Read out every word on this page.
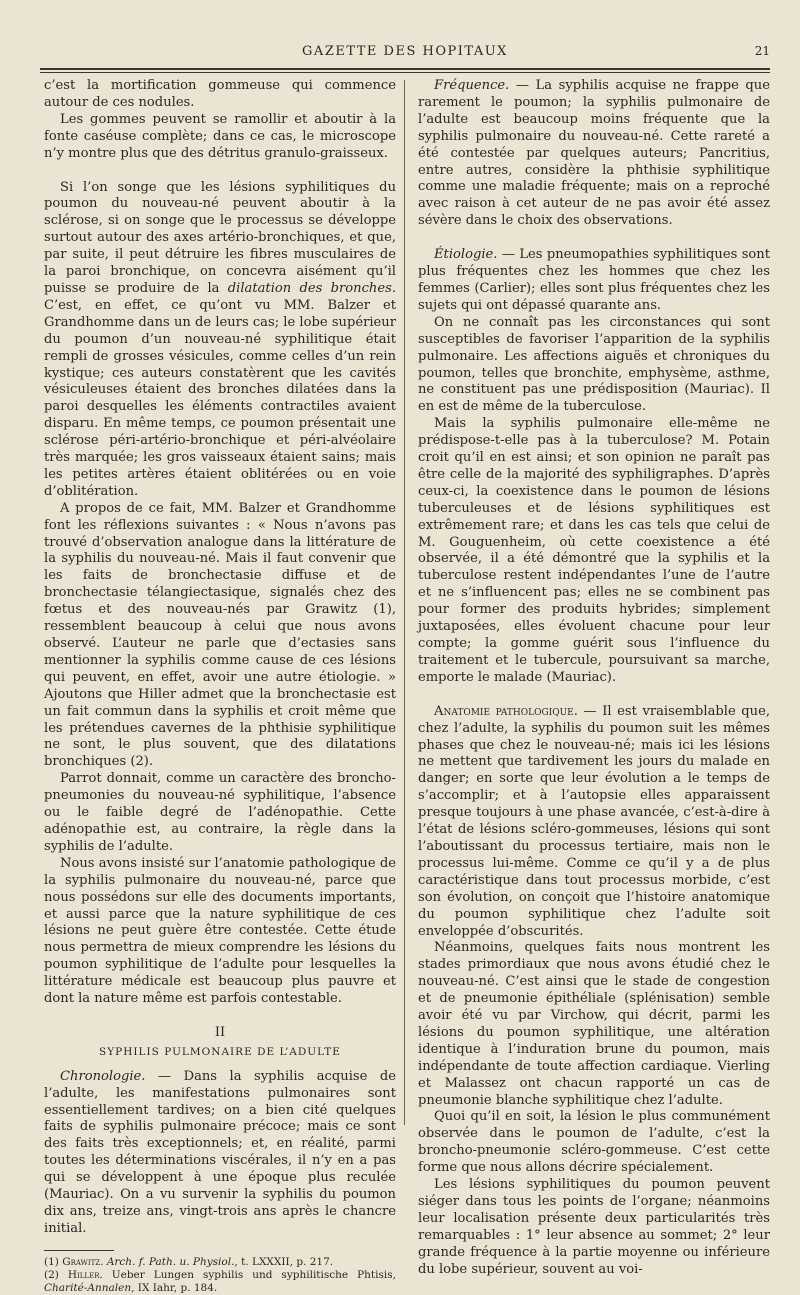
GAZETTE DES HOPITAUX	21

c’est la mortification gommeuse qui commence autour de ces nodules.

Les gommes peuvent se ramollir et aboutir à la fonte caséuse complète; dans ce cas, le microscope n’y montre plus que des détritus granulo-graisseux.

Si l’on songe que les lésions syphilitiques du poumon du nouveau-né peuvent aboutir à la sclérose, si on songe que le processus se développe surtout autour des axes artério-bronchiques, et que, par suite, il peut détruire les fibres musculaires de la paroi bronchique, on concevra aisément qu’il puisse se produire de la dilatation des bronches. C’est, en effet, ce qu’ont vu MM. Balzer et Grandhomme dans un de leurs cas; le lobe supérieur du poumon d’un nouveau-né syphilitique était rempli de grosses vésicules, comme celles d’un rein kystique; ces auteurs constatèrent que les cavités vésiculeuses étaient des bronches dilatées dans la paroi desquelles les éléments contractiles avaient disparu. En même temps, ce poumon présentait une sclérose péri-artério-bronchique et péri-alvéolaire très marquée; les gros vaisseaux étaient sains; mais les petites artères étaient oblitérées ou en voie d’oblitération.

A propos de ce fait, MM. Balzer et Grandhomme font les réflexions suivantes : « Nous n’avons pas trouvé d’observation analogue dans la littérature de la syphilis du nouveau-né. Mais il faut convenir que les faits de bronchectasie diffuse et de bronchectasie télangiectasique, signalés chez des fœtus et des nouveau-nés par Grawitz (1), ressemblent beaucoup à celui que nous avons observé. L’auteur ne parle que d’ectasies sans mentionner la syphilis comme cause de ces lésions qui peuvent, en effet, avoir une autre étiologie. » Ajoutons que Hiller admet que la bronchectasie est un fait commun dans la syphilis et croit même que les prétendues cavernes de la phthisie syphilitique ne sont, le plus souvent, que des dilatations bronchiques (2).

Parrot donnait, comme un caractère des broncho-pneumonies du nouveau-né syphilitique, l’absence ou le faible degré de l’adénopathie. Cette adénopathie est, au contraire, la règle dans la syphilis de l’adulte.

Nous avons insisté sur l’anatomie pathologique de la syphilis pulmonaire du nouveau-né, parce que nous possédons sur elle des documents importants, et aussi parce que la nature syphilitique de ces lésions ne peut guère être contestée. Cette étude nous permettra de mieux comprendre les lésions du poumon syphilitique de l’adulte pour lesquelles la littérature médicale est beaucoup plus pauvre et dont la nature même est parfois contestable.

II
SYPHILIS PULMONAIRE DE L’ADULTE

Chronologie. — Dans la syphilis acquise de l’adulte, les manifestations pulmonaires sont essentiellement tardives; on a bien cité quelques faits de syphilis pulmonaire précoce; mais ce sont des faits très exceptionnels; et, en réalité, parmi toutes les déterminations viscérales, il n’y en a pas qui se développent à une époque plus reculée (Mauriac). On a vu survenir la syphilis du poumon dix ans, treize ans, vingt-trois ans après le chancre initial.

(1) Grawitz. Arch. f. Path. u. Physiol., t. LXXXII, p. 217.

(2) Hiller. Ueber Lungen syphilis und syphilitische Phtisis, Charité-Annalen, IX Iahr, p. 184.

Fréquence. — La syphilis acquise ne frappe que rarement le poumon; la syphilis pulmonaire de l’adulte est beaucoup moins fréquente que la syphilis pulmonaire du nouveau-né. Cette rareté a été contestée par quelques auteurs; Pancritius, entre autres, considère la phthisie syphilitique comme une maladie fréquente; mais on a reproché avec raison à cet auteur de ne pas avoir été assez sévère dans le choix des observations.

Étiologie. — Les pneumopathies syphilitiques sont plus fréquentes chez les hommes que chez les femmes (Carlier); elles sont plus fréquentes chez les sujets qui ont dépassé quarante ans.

On ne connaît pas les circonstances qui sont susceptibles de favoriser l’apparition de la syphilis pulmonaire. Les affections aiguës et chroniques du poumon, telles que bronchite, emphysème, asthme, ne constituent pas une prédisposition (Mauriac). Il en est de même de la tuberculose.

Mais la syphilis pulmonaire elle-même ne prédispose-t-elle pas à la tuberculose? M. Potain croit qu’il en est ainsi; et son opinion ne paraît pas être celle de la majorité des syphiligraphes. D’après ceux-ci, la coexistence dans le poumon de lésions tuberculeuses et de lésions syphilitiques est extrêmement rare; et dans les cas tels que celui de M. Gouguenheim, où cette coexistence a été observée, il a été démontré que la syphilis et la tuberculose restent indépendantes l’une de l’autre et ne s’influencent pas; elles ne se combinent pas pour former des produits hybrides; simplement juxtaposées, elles évoluent chacune pour leur compte; la gomme guérit sous l’influence du traitement et le tubercule, poursuivant sa marche, emporte le malade (Mauriac).

Anatomie pathologique. — Il est vraisemblable que, chez l’adulte, la syphilis du poumon suit les mêmes phases que chez le nouveau-né; mais ici les lésions ne mettent que tardivement les jours du malade en danger; en sorte que leur évolution a le temps de s’accomplir; et à l’autopsie elles apparaissent presque toujours à une phase avancée, c’est-à-dire à l’état de lésions scléro-gommeuses, lésions qui sont l’aboutissant du processus tertiaire, mais non le processus lui-même. Comme ce qu’il y a de plus caractéristique dans tout processus morbide, c’est son évolution, on conçoit que l’histoire anatomique du poumon syphilitique chez l’adulte soit enveloppée d’obscurités.

Néanmoins, quelques faits nous montrent les stades primordiaux que nous avons étudié chez le nouveau-né. C’est ainsi que le stade de congestion et de pneumonie épithéliale (splénisation) semble avoir été vu par Virchow, qui décrit, parmi les lésions du poumon syphilitique, une altération identique à l’induration brune du poumon, mais indépendante de toute affection cardiaque. Vierling et Malassez ont chacun rapporté un cas de pneumonie blanche syphilitique chez l’adulte.

Quoi qu’il en soit, la lésion le plus communément observée dans le poumon de l’adulte, c’est la broncho-pneumonie scléro-gommeuse. C’est cette forme que nous allons décrire spécialement.

Les lésions syphilitiques du poumon peuvent siéger dans tous les points de l’organe; néanmoins leur localisation présente deux particularités très remarquables : 1° leur absence au sommet; 2° leur grande fréquence à la partie moyenne ou inférieure du lobe supérieur, souvent au voi-
